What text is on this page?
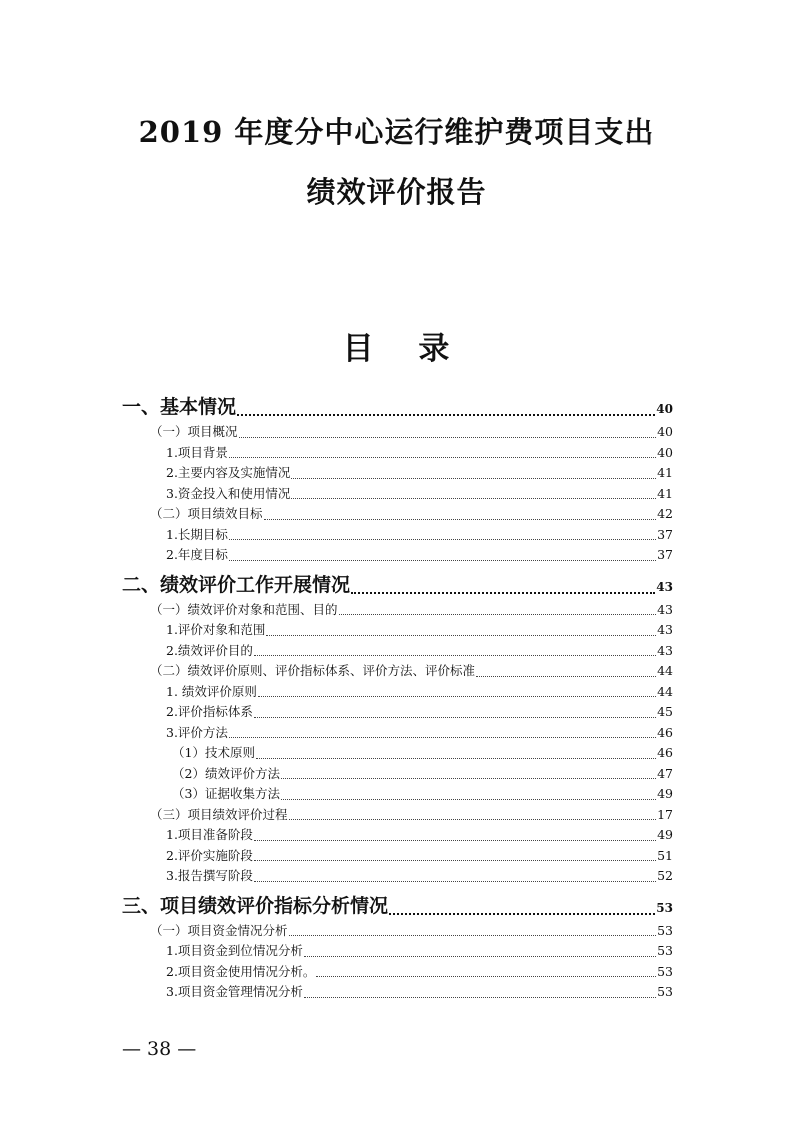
2019 年度分中心运行维护费项目支出
绩效评价报告
目 录
一、基本情况	40
（一）项目概况	40
1.项目背景	40
2.主要内容及实施情况	41
3.资金投入和使用情况	41
（二）项目绩效目标	42
1.长期目标	37
2.年度目标	37
二、绩效评价工作开展情况	43
（一）绩效评价对象和范围、目的	43
1.评价对象和范围	43
2.绩效评价目的	43
（二）绩效评价原则、评价指标体系、评价方法、评价标准	44
1. 绩效评价原则	44
2.评价指标体系	45
3.评价方法	46
（1）技术原则	46
（2）绩效评价方法	47
（3）证据收集方法	49
（三）项目绩效评价过程	17
1.项目准备阶段	49
2.评价实施阶段	51
3.报告撰写阶段	52
三、项目绩效评价指标分析情况	53
（一）项目资金情况分析	53
1.项目资金到位情况分析	53
2.项目资金使用情况分析。	53
3.项目资金管理情况分析	53
— 38 —
